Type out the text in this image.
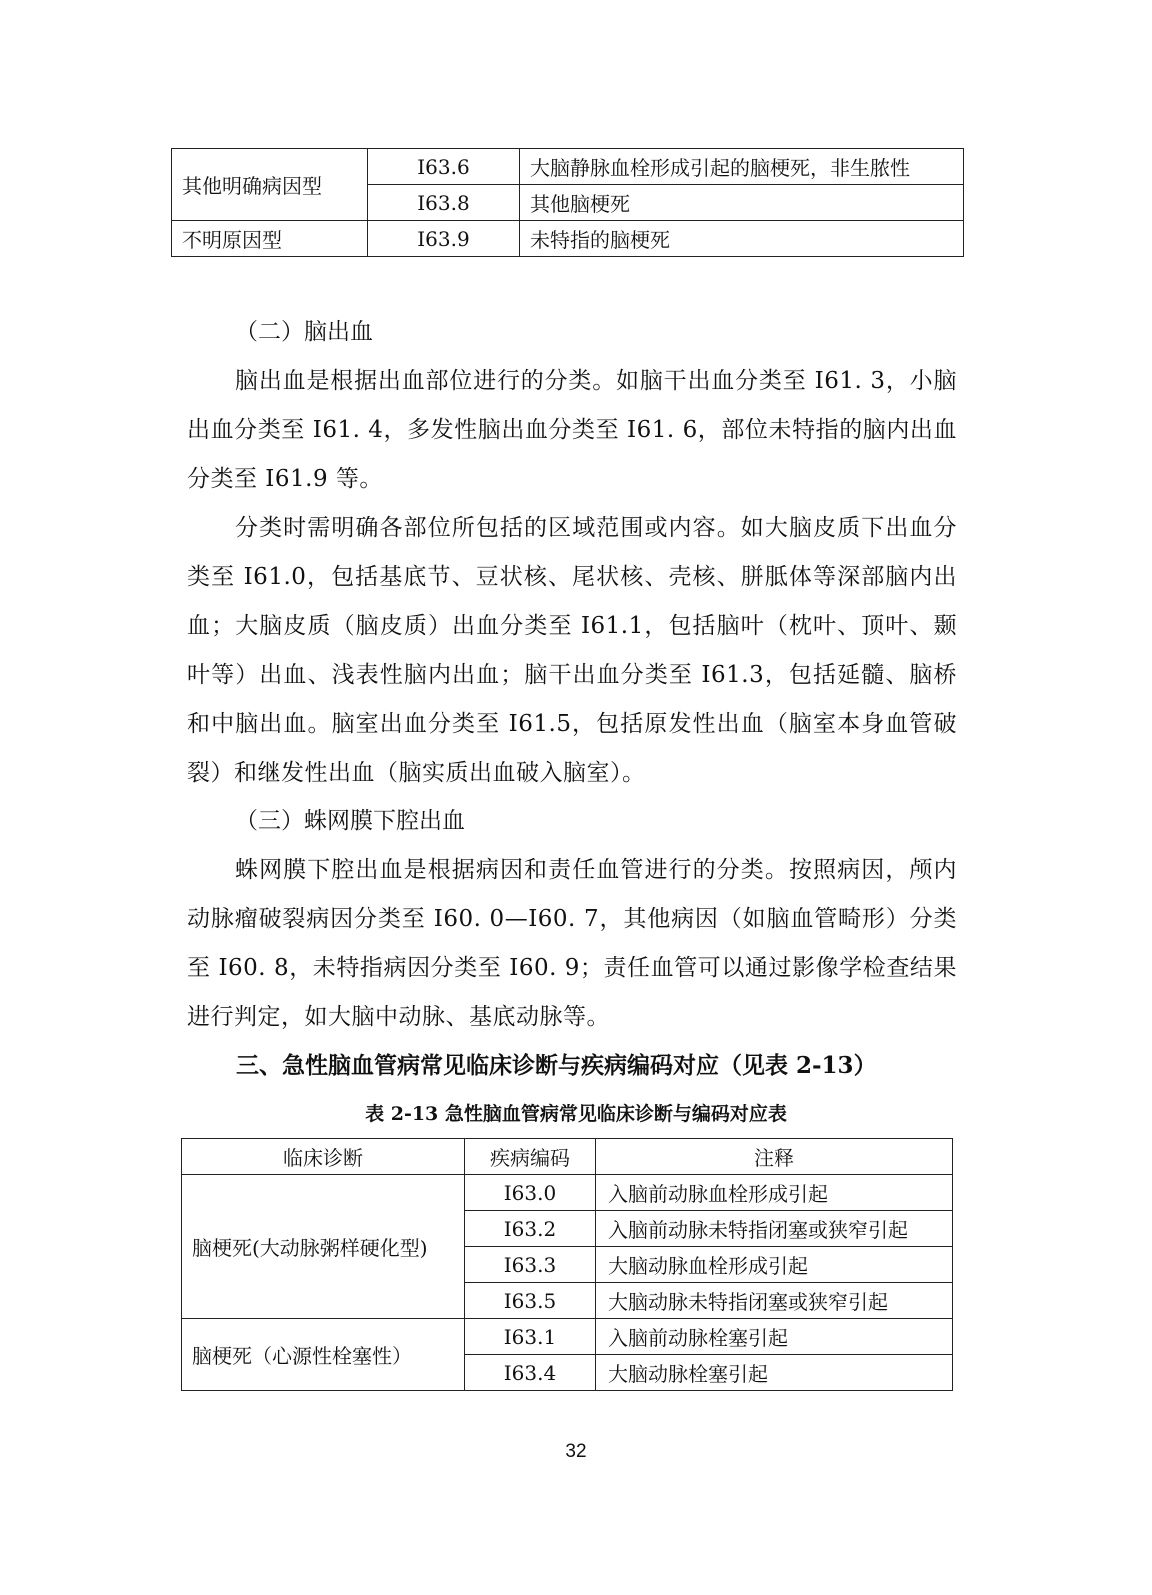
其他明确病因型	I63.6	大脑静脉血栓形成引起的脑梗死，非生脓性
	I63.8	其他脑梗死
不明原因型	I63.9	未特指的脑梗死

（二）脑出血

脑出血是根据出血部位进行的分类。如脑干出血分类至 I61. 3，小脑出血分类至 I61. 4，多发性脑出血分类至 I61. 6，部位未特指的脑内出血分类至 I61.9 等。

分类时需明确各部位所包括的区域范围或内容。如大脑皮质下出血分类至 I61.0，包括基底节、豆状核、尾状核、壳核、胼胝体等深部脑内出血；大脑皮质（脑皮质）出血分类至 I61.1，包括脑叶（枕叶、顶叶、颞叶等）出血、浅表性脑内出血；脑干出血分类至 I61.3，包括延髓、脑桥和中脑出血。脑室出血分类至 I61.5，包括原发性出血（脑室本身血管破裂）和继发性出血（脑实质出血破入脑室）。

（三）蛛网膜下腔出血

蛛网膜下腔出血是根据病因和责任血管进行的分类。按照病因，颅内动脉瘤破裂病因分类至 I60. 0—I60. 7，其他病因（如脑血管畸形）分类至 I60. 8，未特指病因分类至 I60. 9；责任血管可以通过影像学检查结果进行判定，如大脑中动脉、基底动脉等。

三、急性脑血管病常见临床诊断与疾病编码对应（见表 2-13）

表 2-13 急性脑血管病常见临床诊断与编码对应表

临床诊断	疾病编码	注释
脑梗死(大动脉粥样硬化型)	I63.0	入脑前动脉血栓形成引起
	I63.2	入脑前动脉未特指闭塞或狭窄引起
	I63.3	大脑动脉血栓形成引起
	I63.5	大脑动脉未特指闭塞或狭窄引起
脑梗死（心源性栓塞性）	I63.1	入脑前动脉栓塞引起
	I63.4	大脑动脉栓塞引起
32
